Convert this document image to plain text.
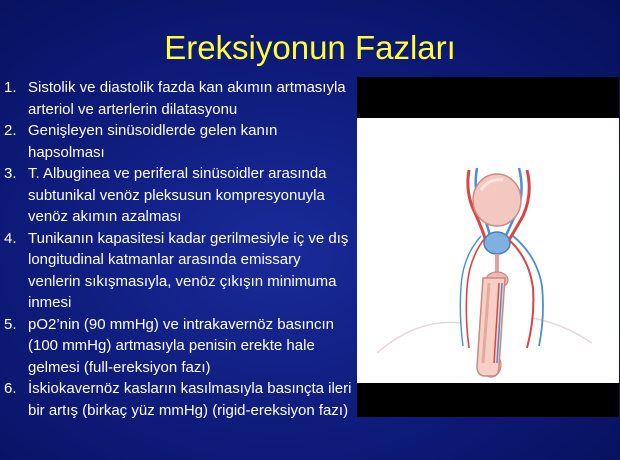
Ereksiyonun Fazları
1. Sistolik ve diastolik fazda kan akımın artmasıyla arteriol ve arterlerin dilatasyonu
2. Genişleyen sinüsoidlerde gelen kanın hapsolması
3. T. Albuginea ve periferal sinüsoidler arasında subtunikal venöz pleksusun kompresyonuyla venöz akımın azalması
4. Tunikanın kapasitesi kadar gerilmesiyle iç ve dış longitudinal katmanlar arasında emissary venlerin sıkışmasıyla, venöz çıkışın minimuma inmesi
5. pO2’nin (90 mmHg) ve intrakavernöz basıncın (100 mmHg) artmasıyla penisin erekte hale gelmesi (full-ereksiyon fazı)
6. İskiokavernöz kasların kasılmasıyla basınçta ileri bir artış (birkaç yüz mmHg) (rigid-ereksiyon fazı)
